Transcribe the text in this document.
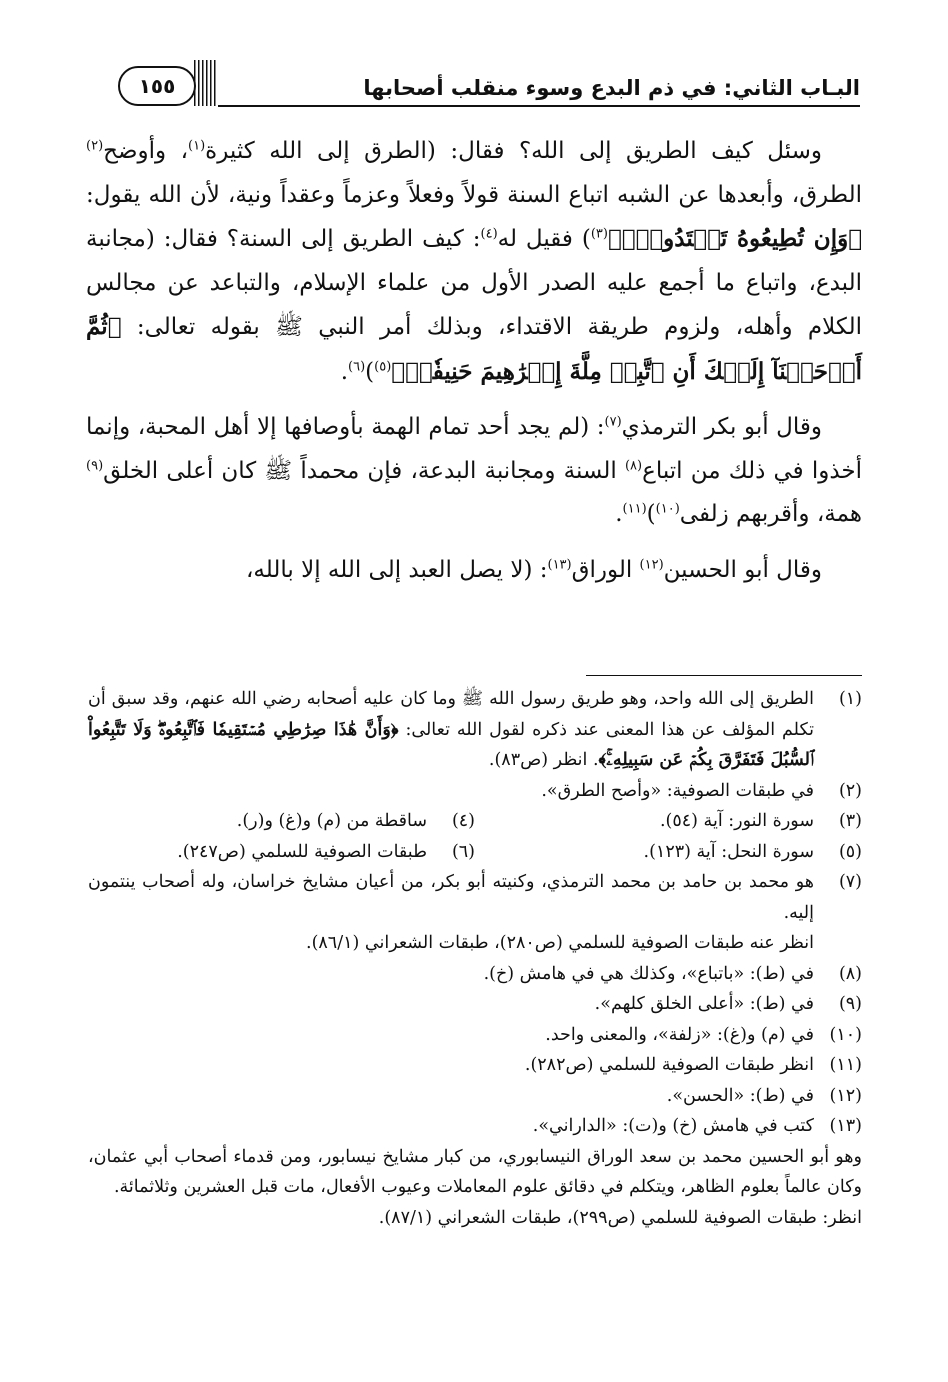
البـاب الثاني: في ذم البدع وسوء منقلب أصحابها
١٥٥

وسئل كيف الطريق إلى الله؟ فقال: (الطرق إلى الله كثيرة$^{(١)}$، وأوضح$^{(٢)}$ الطرق، وأبعدها عن الشبه اتباع السنة قولاً وفعلاً وعزماً وعقداً ونية، لأن الله يقول: ﴿وَإِن تُطِيعُوهُ تَهۡتَدُواْۚ﴾$^{(٣)}$) فقيل له$^{(٤)}$: كيف الطريق إلى السنة؟ فقال: (مجانبة البدع، واتباع ما أجمع عليه الصدر الأول من علماء الإسلام، والتباعد عن مجالس الكلام وأهله، ولزوم طريقة الاقتداء، وبذلك أمر النبي ﷺ بقوله تعالى: ﴿ثُمَّ أَوۡحَيۡنَآ إِلَيۡكَ أَنِ ٱتَّبِعۡ مِلَّةَ إِبۡرَٰهِيمَ حَنِيفٗاۖ﴾$^{(٥)}$)$^{(٦)}$.

وقال أبو بكر الترمذي$^{(٧)}$: (لم يجد أحد تمام الهمة بأوصافها إلا أهل المحبة، وإنما أخذوا في ذلك من اتباع$^{(٨)}$ السنة ومجانبة البدعة، فإن محمداً ﷺ كان أعلى الخلق$^{(٩)}$ همة، وأقربهم زلفى$^{(١٠)}$)$^{(١١)}$.

وقال أبو الحسين$^{(١٢)}$ الوراق$^{(١٣)}$: (لا يصل العبد إلى الله إلا بالله،

(١)
الطريق إلى الله واحد، وهو طريق رسول الله ﷺ وما كان عليه أصحابه رضي الله عنهم، وقد سبق أن تكلم المؤلف عن هذا المعنى عند ذكره لقول الله تعالى: ﴿وَأَنَّ هَٰذَا صِرَٰطِي مُسۡتَقِيمٗا فَٱتَّبِعُوهُۖ وَلَا تَتَّبِعُواْ ٱلسُّبُلَ فَتَفَرَّقَ بِكُمۡ عَن سَبِيلِهِۦۚ﴾. انظر (ص٨٣).
(٢)
في طبقات الصوفية: «وأصح الطرق».
(٣)
سورة النور: آية (٥٤).
(٤)
ساقطة من (م) و(غ) و(ر).
(٥)
سورة النحل: آية (١٢٣).
(٦)
طبقات الصوفية للسلمي (ص٢٤٧).
(٧)
هو محمد بن حامد بن محمد الترمذي، وكنيته أبو بكر، من أعيان مشايخ خراسان، وله أصحاب ينتمون إليه.
انظر عنه طبقات الصوفية للسلمي (ص٢٨٠)، طبقات الشعراني (٨٦/١).
(٨)
في (ط): «باتباع»، وكذلك هي في هامش (خ).
(٩)
في (ط): «أعلى الخلق كلهم».
(١٠)
في (م) و(غ): «زلفة»، والمعنى واحد.
(١١)
انظر طبقات الصوفية للسلمي (ص٢٨٢).
(١٢)
في (ط): «الحسن».
(١٣)
كتب في هامش (خ) و(ت): «الداراني».
وهو أبو الحسين محمد بن سعد الوراق النيسابوري، من كبار مشايخ نيسابور، ومن قدماء أصحاب أبي عثمان، وكان عالماً بعلوم الظاهر، ويتكلم في دقائق علوم المعاملات وعيوب الأفعال، مات قبل العشرين وثلاثمائة.
انظر: طبقات الصوفية للسلمي (ص٢٩٩)، طبقات الشعراني (٨٧/١).
